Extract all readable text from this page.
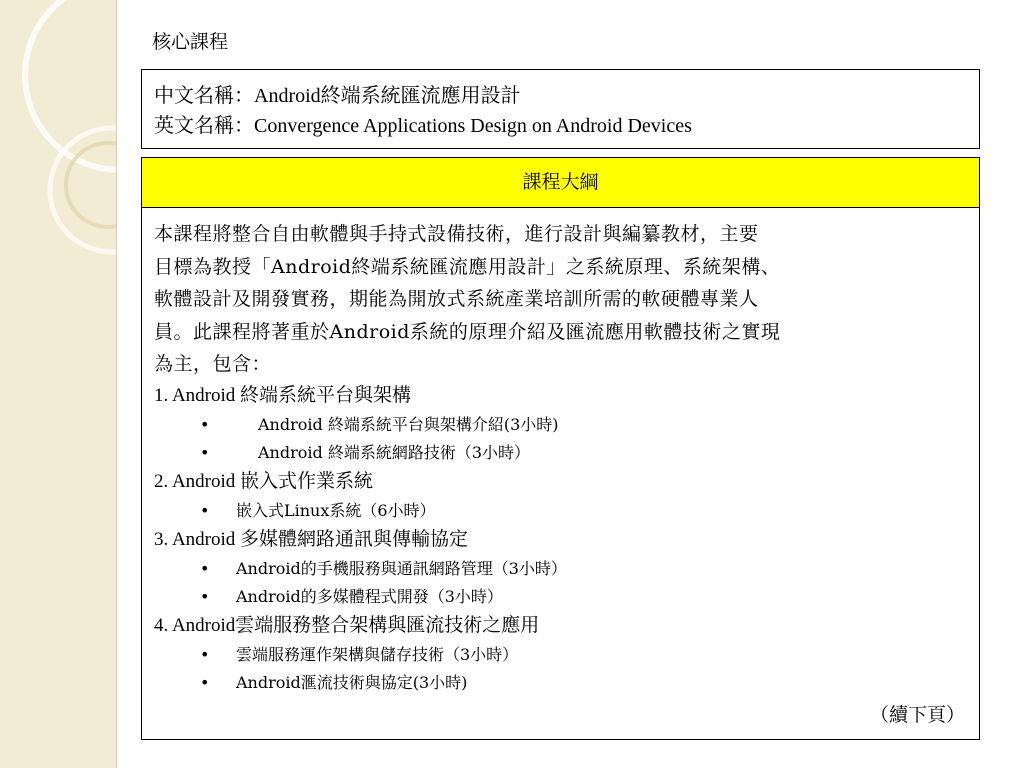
核心課程
中文名稱：Android終端系統匯流應用設計
英文名稱：Convergence Applications Design on Android Devices
課程大綱
本課程將整合自由軟體與手持式設備技術，進行設計與編纂教材，主要
目標為教授「Android終端系統匯流應用設計」之系統原理、系統架構、
軟體設計及開發實務，期能為開放式系統產業培訓所需的軟硬體專業人
員。此課程將著重於Android系統的原理介紹及匯流應用軟體技術之實現
為主，包含：
1. Android 終端系統平台與架構
•	Android 終端系統平台與架構介紹(3小時)
•	Android 終端系統網路技術（3小時）
2. Android 嵌入式作業系統
• 嵌入式Linux系統（6小時）
3. Android 多媒體網路通訊與傳輸協定
• Android的手機服務與通訊網路管理（3小時）
• Android的多媒體程式開發（3小時）
4. Android雲端服務整合架構與匯流技術之應用
• 雲端服務運作架構與儲存技術（3小時）
• Android滙流技術與協定(3小時)
（續下頁）
